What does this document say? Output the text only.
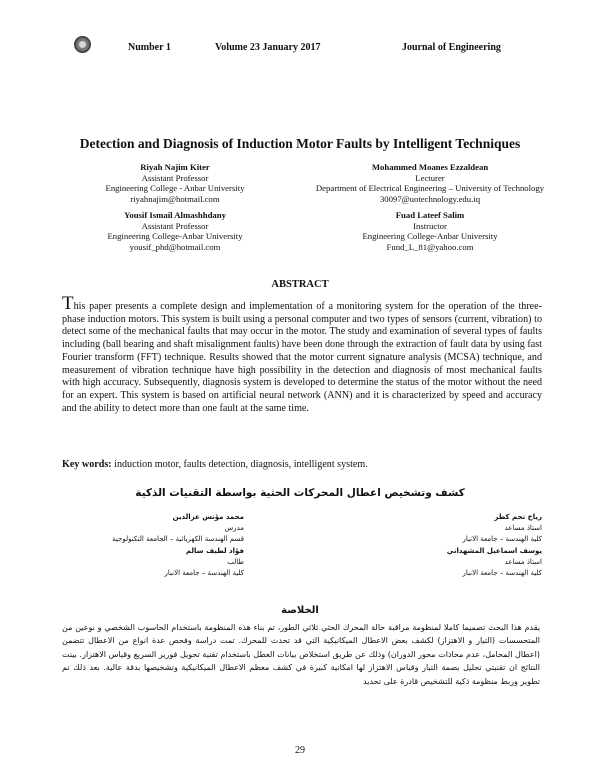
Number 1	Volume 23 January 2017	Journal of Engineering
Detection and Diagnosis of Induction Motor Faults by Intelligent Techniques
Riyah Najim Kiter
Assistant Professor
Engineering College - Anbar University
riyahnajim@hotmail.com
Mohammed Moanes Ezzaldean
Lecturer
Department of Electrical Engineering – University of Technology
30097@uotechnology.edu.iq
Yousif Ismail Almashhdany
Assistant Professor
Engineering College-Anbar University
yousif_phd@hotmail.com
Fuad Lateef Salim
Instructor
Engineering College-Anbar University
Fund_L_81@yahoo.com
ABSTRACT
This paper presents a complete design and implementation of a monitoring system for the operation of the three-phase induction motors. This system is built using a personal computer and two types of sensors (current, vibration) to detect some of the mechanical faults that may occur in the motor. The study and examination of several types of faults including (ball bearing and shaft misalignment faults) have been done through the extraction of fault data by using fast Fourier transform (FFT) technique. Results showed that the motor current signature analysis (MCSA) technique, and measurement of vibration technique have high possibility in the detection and diagnosis of most mechanical faults with high accuracy. Subsequently, diagnosis system is developed to determine the status of the motor without the need for an expert. This system is based on artificial neural network (ANN) and it is characterized by speed and accuracy and the ability to detect more than one fault at the same time.
Key words: induction motor, faults detection, diagnosis, intelligent system.
كشف وتشخيص اعطال المحركات الحثية بواسطة التقنيات الذكية
رياح نجم كطر
استاذ مساعد
كلية الهندسة – جامعة الانبار
يوسف اسماعيل المشهداني
استاذ مساعد
كلية الهندسة – جامعة الانبار
محمد مؤنس عزالدين
مدرس
قسم الهندسة الكهربائية – الجامعة التكنولوجية
فؤاد لطيف سالم
طالب
كلية الهندسة – جامعة الانبار
الخلاصة
يقدم هذا البحث تصميما كاملا لمنظومة مراقبة حالة المحرك الحثي ثلاثي الطور، تم بناء هذه المنظومة باستخدام الحاسوب الشخصي و نوعين من المتحسسات (التيار و الاهتزاز) لكشف بعض الاعطال الميكانيكية التي قد تحدث للمحرك. تمت دراسة وفحص عدة انواع من الاعطال تتضمن (اعطال المحامل، عدم محاذات محور الدوران) وذلك عن طريق استخلاص بيانات العطل باستخدام تقنية تحويل فورير السريع وقياس الاهتزاز. بينت النتائج ان تقنيتي تحليل بصمة التيار وقياس الاهتزاز لها امكانية كبيرة في كشف معظم الاعطال الميكانيكية وتشخيصها بدقة عالية. بعد ذلك تم تطوير وربط منظومة ذكية للتشخيص قادرة على تحديد
29
